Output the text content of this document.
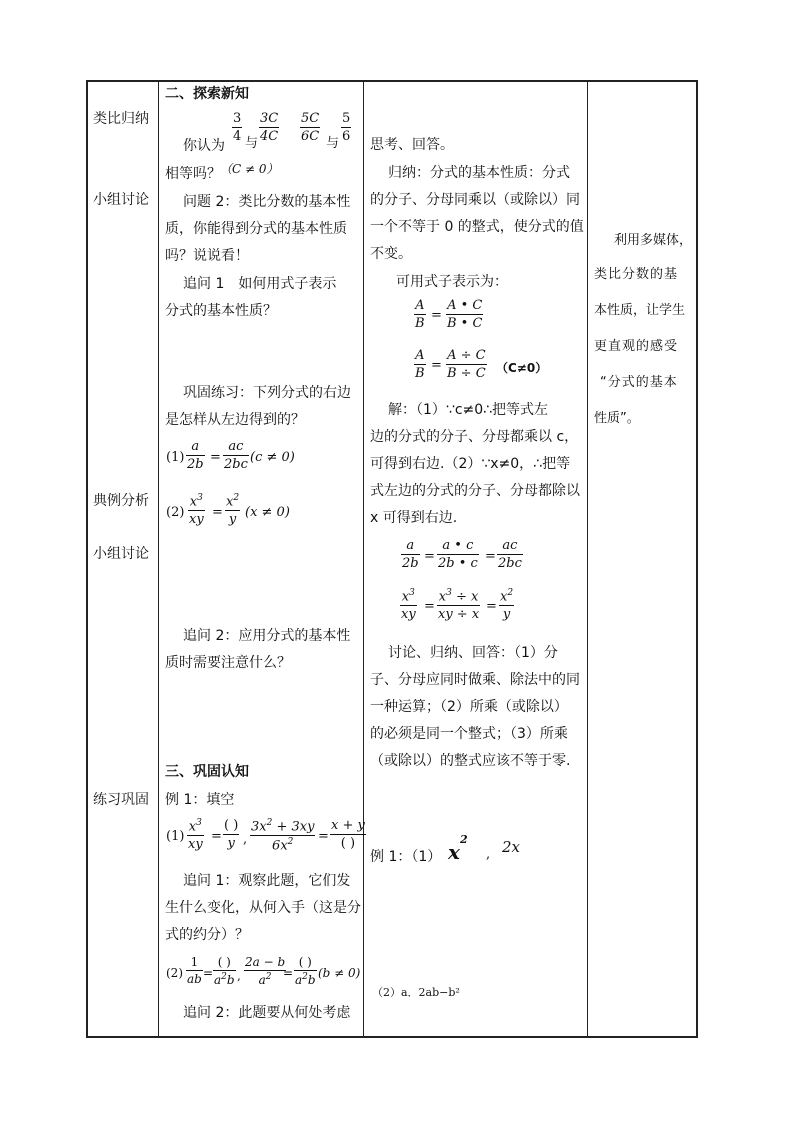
类比归纳
小组讨论
典例分析
小组讨论
练习巩固
二、探索新知
3
4 与
3C
4C
5C
6C 与
5
6
你认为
相等吗？ （C ≠ 0）
问题 2：类比分数的基本性
质，你能得到分式的基本性质
吗？说说看！
追问 1　如何用式子表示
分式的基本性质？
巩固练习：下列分式的右边
是怎样从左边得到的？
(1)
a
2b =
ac
2bc (c ≠ 0)
(2)
$x^3$
xy =
$x^2$
y (x ≠ 0)
追问 2：应用分式的基本性
质时需要注意什么？
三、巩固认知
例 1：填空
(1)
$x^3$
xy
=
( )
y ,
$3x^2 + 3xy$
$6x^2$ =
x + y
( )
追问 1：观察此题，它们发
生什么变化，从何入手（这是分
式的约分）？
(2)
1
ab =
( )
$a^2b$ ,
2a − b
$a^2$ =
( )
$a^2b$ (b ≠ 0)
追问 2：此题要从何处考虑
思考、回答。
归纳：分式的基本性质：分式
的分子、分母同乘以（或除以）同
一个不等于 0 的整式，使分式的值
不变。
可用式子表示为：
A
B
=
A • C
B • C
A
B
=
A ÷ C
B ÷ C （C≠0）
解：（1）∵c≠0∴把等式左
边的分式的分子、分母都乘以 c，
可得到右边.（2）∵x≠0，∴把等
式左边的分式的分子、分母都除以
x 可得到右边.
a
2b =
a • c
2b • c =
ac
2bc
$x^3$
xy
=
$x^3 \div x$
xy ÷ x
=
$x^2$
y
讨论、归纳、回答：（1）分
子、分母应同时做乘、除法中的同
一种运算；（2）所乘（或除以）
的必须是同一个整式；（3）所乘
（或除以）的整式应该不等于零.
例 1：（1） $x^2$
, 2x
（2）a．2ab−b²
利用多媒体，
类比分数的基
本性质，让学生
更直观的感受
“分式的基本
性质”。
